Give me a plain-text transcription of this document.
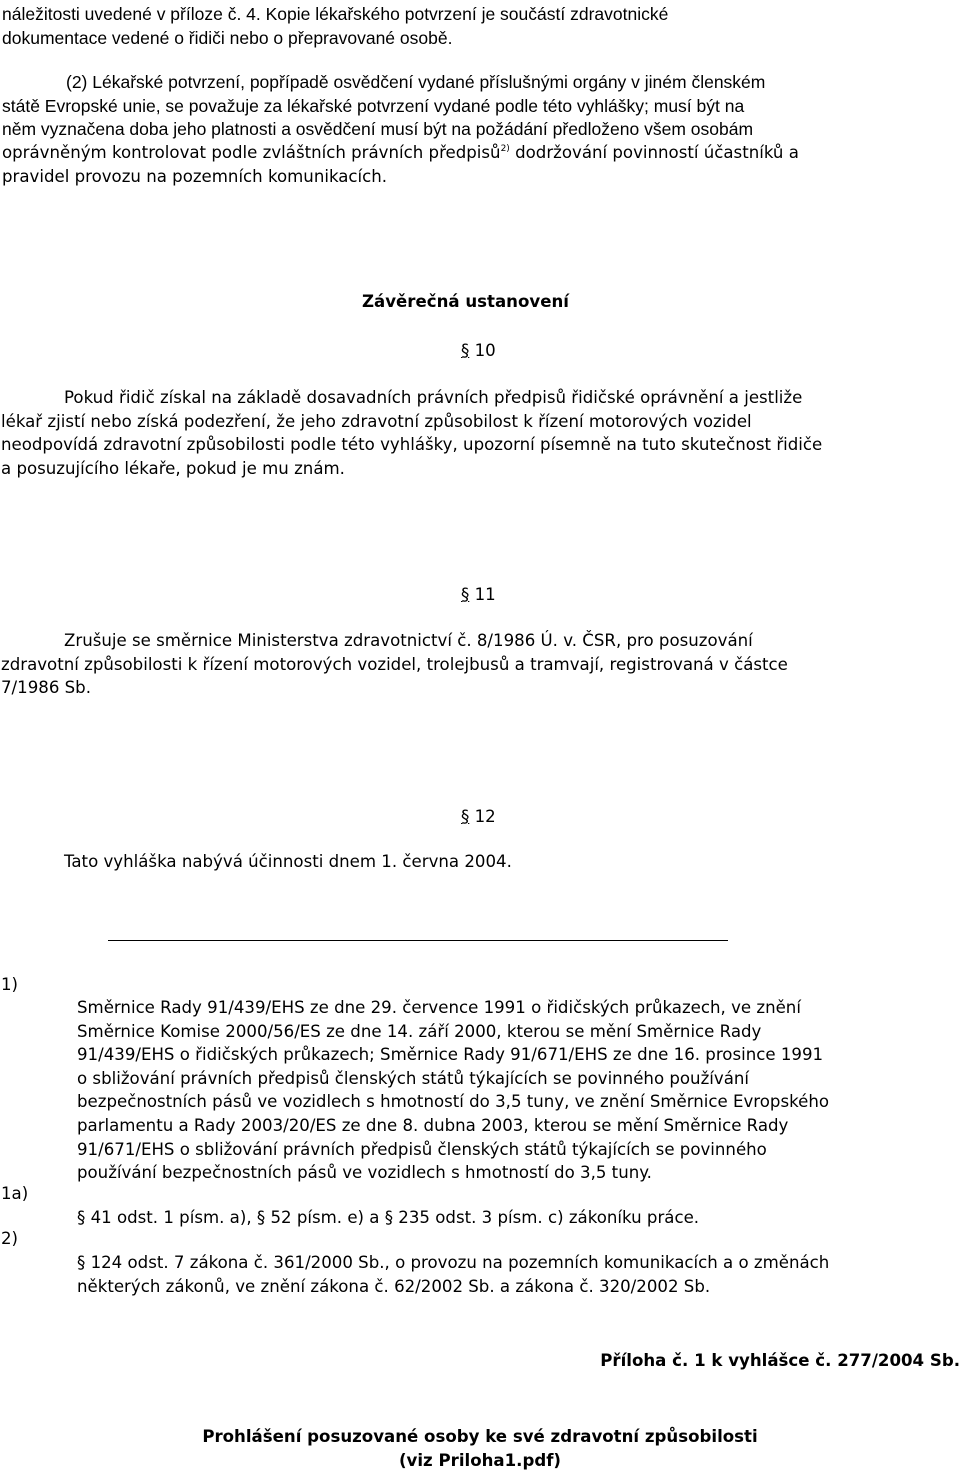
náležitosti uvedené v příloze č. 4. Kopie lékařského potvrzení je součástí zdravotnické
dokumentace vedené o řidiči nebo o přepravované osobě.
(2) Lékařské potvrzení, popřípadě osvědčení vydané příslušnými orgány v jiném členském
státě Evropské unie, se považuje za lékařské potvrzení vydané podle této vyhlášky; musí být na
něm vyznačena doba jeho platnosti a osvědčení musí být na požádání předloženo všem osobám
oprávněným kontrolovat podle zvláštních právních předpisů$^{2)}$ dodržování povinností účastníků a
pravidel provozu na pozemních komunikacích.
Závěrečná ustanovení
§ 10
Pokud řidič získal na základě dosavadních právních předpisů řidičské oprávnění a jestliže
lékař zjistí nebo získá podezření, že jeho zdravotní způsobilost k řízení motorových vozidel
neodpovídá zdravotní způsobilosti podle této vyhlášky, upozorní písemně na tuto skutečnost řidiče
a posuzujícího lékaře, pokud je mu znám.
§ 11
Zrušuje se směrnice Ministerstva zdravotnictví č. 8/1986 Ú. v. ČSR, pro posuzování
zdravotní způsobilosti k řízení motorových vozidel, trolejbusů a tramvají, registrovaná v částce
7/1986 Sb.
§ 12
Tato vyhláška nabývá účinnosti dnem 1. června 2004.
1)
1a)
2)
Směrnice Rady 91/439/EHS ze dne 29. července 1991 o řidičských průkazech, ve znění
Směrnice Komise 2000/56/ES ze dne 14. září 2000, kterou se mění Směrnice Rady
91/439/EHS o řidičských průkazech; Směrnice Rady 91/671/EHS ze dne 16. prosince 1991
o sbližování právních předpisů členských států týkajících se povinného používání
bezpečnostních pásů ve vozidlech s hmotností do 3,5 tuny, ve znění Směrnice Evropského
parlamentu a Rady 2003/20/ES ze dne 8. dubna 2003, kterou se mění Směrnice Rady
91/671/EHS o sbližování právních předpisů členských států týkajících se povinného
používání bezpečnostních pásů ve vozidlech s hmotností do 3,5 tuny.
§ 41 odst. 1 písm. a), § 52 písm. e) a § 235 odst. 3 písm. c) zákoníku práce.
§ 124 odst. 7 zákona č. 361/2000 Sb., o provozu na pozemních komunikacích a o změnách
některých zákonů, ve znění zákona č. 62/2002 Sb. a zákona č. 320/2002 Sb.
Příloha č. 1 k vyhlášce č. 277/2004 Sb.
Prohlášení posuzované osoby ke své zdravotní způsobilosti
(viz Priloha1.pdf)
